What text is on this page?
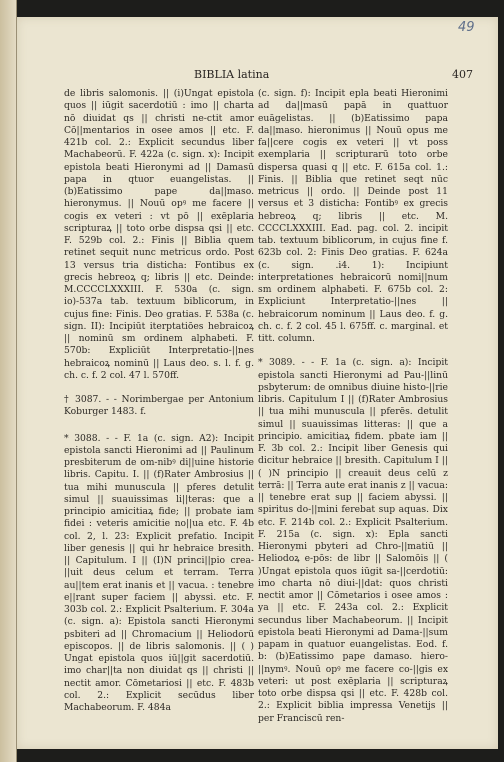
49
BIBLIA latina	407

de libris salomonis. || (i)Ungat epistola quos || iūgit sacerdotiū : imo || charta nō diuidat qs || christi ne-ctit amor Cō||mentarios in osee amos || etc. F. 421b col. 2.: Explicit secundus liber Machabeorū. F. 422a (c. sign. x): Incipit epistola beati Hieronymi ad || Damasū papa in qtuor euangelistas. || (b)Eatissimo pape da||maso. hieronymus. || Nouū opꝰ me facere || cogis ex veteri : vt pō || exēplaria scripturaꝝ || toto orbe dispsa qsi || etc. F. 529b col. 2.: Finis || Biblia quem retinet sequit nunc metricus ordo. Post 13 versus tria disticha: Fontibus ex grecis hebreoꝝ q; libris || etc. Deinde: M.CCCCLXXXIII. F. 530a (c. sign. io)-537a tab. textuum biblicorum, in cujus fine: Finis. Deo gratias. F. 538a (c. sign. II): Incipiūt iterptatiōes hebraicoꝝ || nominū sm ordinem alphabeti. F. 570b: Expliciūt Interpretatio-||nes hebraicoꝝ nominū || Laus deo. s. l. f. g. ch. c. f. 2 col. 47 l. 570ff.

† 3087. - - Norimbergae per Antonium Koburger 1483. f.

* 3088. - - F. 1a (c. sign. A2): Incipit epistola sancti Hieronimi ad || Paulinum presbiterum de om-nibꝰ di||uine historie libris. Capitu. I. || (f)Rater Ambrosius || tua mihi munuscula || pferes detulit simul || suauissimas li||teras: que a principio amicitiaꝝ fide; || probate iam fidei : veteris amicitie no||ua etc. F. 4b col. 2, l. 23: Explicit prefatio. Incipit liber genesis || qui hr hebraice bresith. || Capitulum. I || (I)N princi||pio crea-||uit deus celum et terram. Terra au||tem erat inanis et || vacua. : tenebre e||rant super faciem || abyssi. etc. F. 303b col. 2.: Explicit Psalterium. F. 304a (c. sign. a): Epistola sancti Hieronymi psbiteri ad || Chromacium || Heliodorū episcopos. || de libris salomonis. || ( ) Ungat epistola quos iū||git sacerdotiū. imo char||ta non diuidat qs || christi || nectit amor. Cōmetariosi || etc. F. 483b col. 2.: Explicit secūdus liber Machabeorum. F. 484a

(c. sign. f): Incipit epla beati Hieronimi ad da||masū papā in quattuor euāgelistas. || (b)Eatissimo papa da||maso. hieronimus || Nouū opus me fa||cere cogis ex veteri || vt poss exemplaria || scripturarū toto orbe dispersa quasi q || etc. F. 615a col. 1.: Finis. || Biblia que retinet seqt nūc metricus || ordo. || Deinde post 11 versus et 3 disticha: Fontibꝰ ex grecis hebreoꝝ q; libris || etc. M. CCCCLXXXIII. Ead. pag. col. 2. incipit tab. textuum biblicorum, in cujus fine f. 623b col. 2: Finis Deo gratias. F. 624a (c. sign. .i4. 1): Incipiunt interpretationes hebraicorū nomi||num sm ordinem alphabeti. F. 675b col. 2: Expliciunt Interpretatio-||nes || hebraicorum nominum || Laus deo. f. g. ch. c. f. 2 col. 45 l. 675ff. c. marginal. et titt. column.

* 3089. - - F. 1a (c. sign. a): Incipit epistola sancti Hieronymi ad Pau-||linū psbyterum: de omnibus diuine histo-||rie libris. Capitulum I || (f)Rater Ambrosius || tua mihi munuscula || pferēs. detulit simul || suauissimas litteras: || que a principio. amicitiaꝝ fidem. pbate iam || F. 3b col. 2.: Incipit liber Genesis qui dicitur hebraice || bresith. Capitulum I || ( )N principio || creauit deus celū z terrā: || Terra aute erat inanis z || vacua: || tenebre erat sup || faciem abyssi. || spiritus do-||mini ferebat sup aquas. Dix etc. F. 214b col. 2.: Explicit Psalterium. F. 215a (c. sign. x): Epla sancti Hieronymi pbyteri ad Chro-||matiū || Heliodoꝝ e-pōs: de libr || Salomōis || ( )Ungat epistola quos iūgit sa-||cerdotiū: imo charta nō diui-||dat: quos christi nectit amor || Cōmetarios i osee amos : ya || etc. F. 243a col. 2.: Explicit secundus liber Machabeorum. || Incipit epistola beati Hieronymi ad Dama-||sum papam in quatuor euangelistas. Eod. f. b: (b)Eatissimo pape damaso. hiero-||nymꝰ. Nouū opꝰ me facere co-||gis ex veteri: ut post exēplaria || scripturaꝝ toto orbe dispsa qsi || etc. F. 428b col. 2.: Explicit biblia impressa Venetijs || per Franciscū ren-
